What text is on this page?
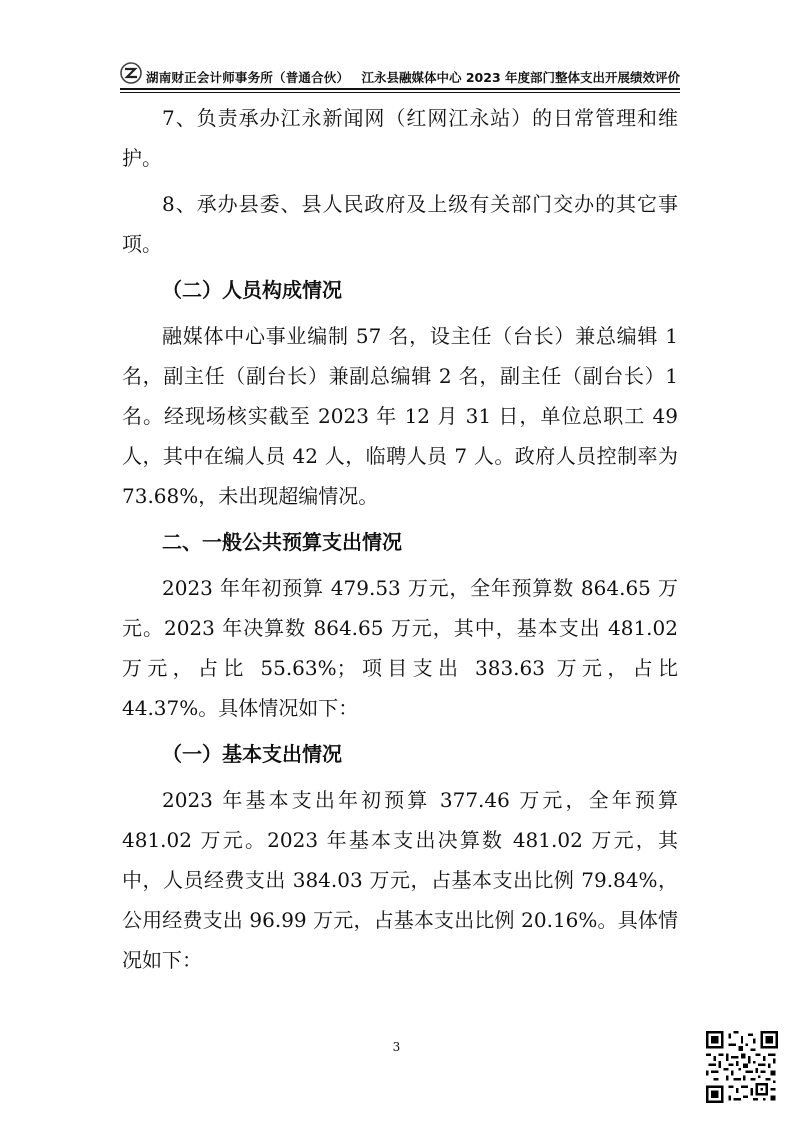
湖南财正会计师事务所（普通合伙） 江永县融媒体中心 2023 年度部门整体支出开展绩效评价

7、负责承办江永新闻网（红网江永站）的日常管理和维护。

8、承办县委、县人民政府及上级有关部门交办的其它事项。

（二）人员构成情况

融媒体中心事业编制 57 名，设主任（台长）兼总编辑 1 名，副主任（副台长）兼副总编辑 2 名，副主任（副台长）1 名。经现场核实截至 2023 年 12 月 31 日，单位总职工 49 人，其中在编人员 42 人，临聘人员 7 人。政府人员控制率为 73.68%，未出现超编情况。

二、一般公共预算支出情况

2023 年年初预算 479.53 万元，全年预算数 864.65 万元。2023 年决算数 864.65 万元，其中，基本支出 481.02 万元，占比 55.63%；项目支出 383.63 万元，占比 44.37%。具体情况如下：

（一）基本支出情况

2023 年基本支出年初预算 377.46 万元，全年预算 481.02 万元。2023 年基本支出决算数 481.02 万元，其中，人员经费支出 384.03 万元，占基本支出比例 79.84%，公用经费支出 96.99 万元，占基本支出比例 20.16%。具体情况如下：

3
